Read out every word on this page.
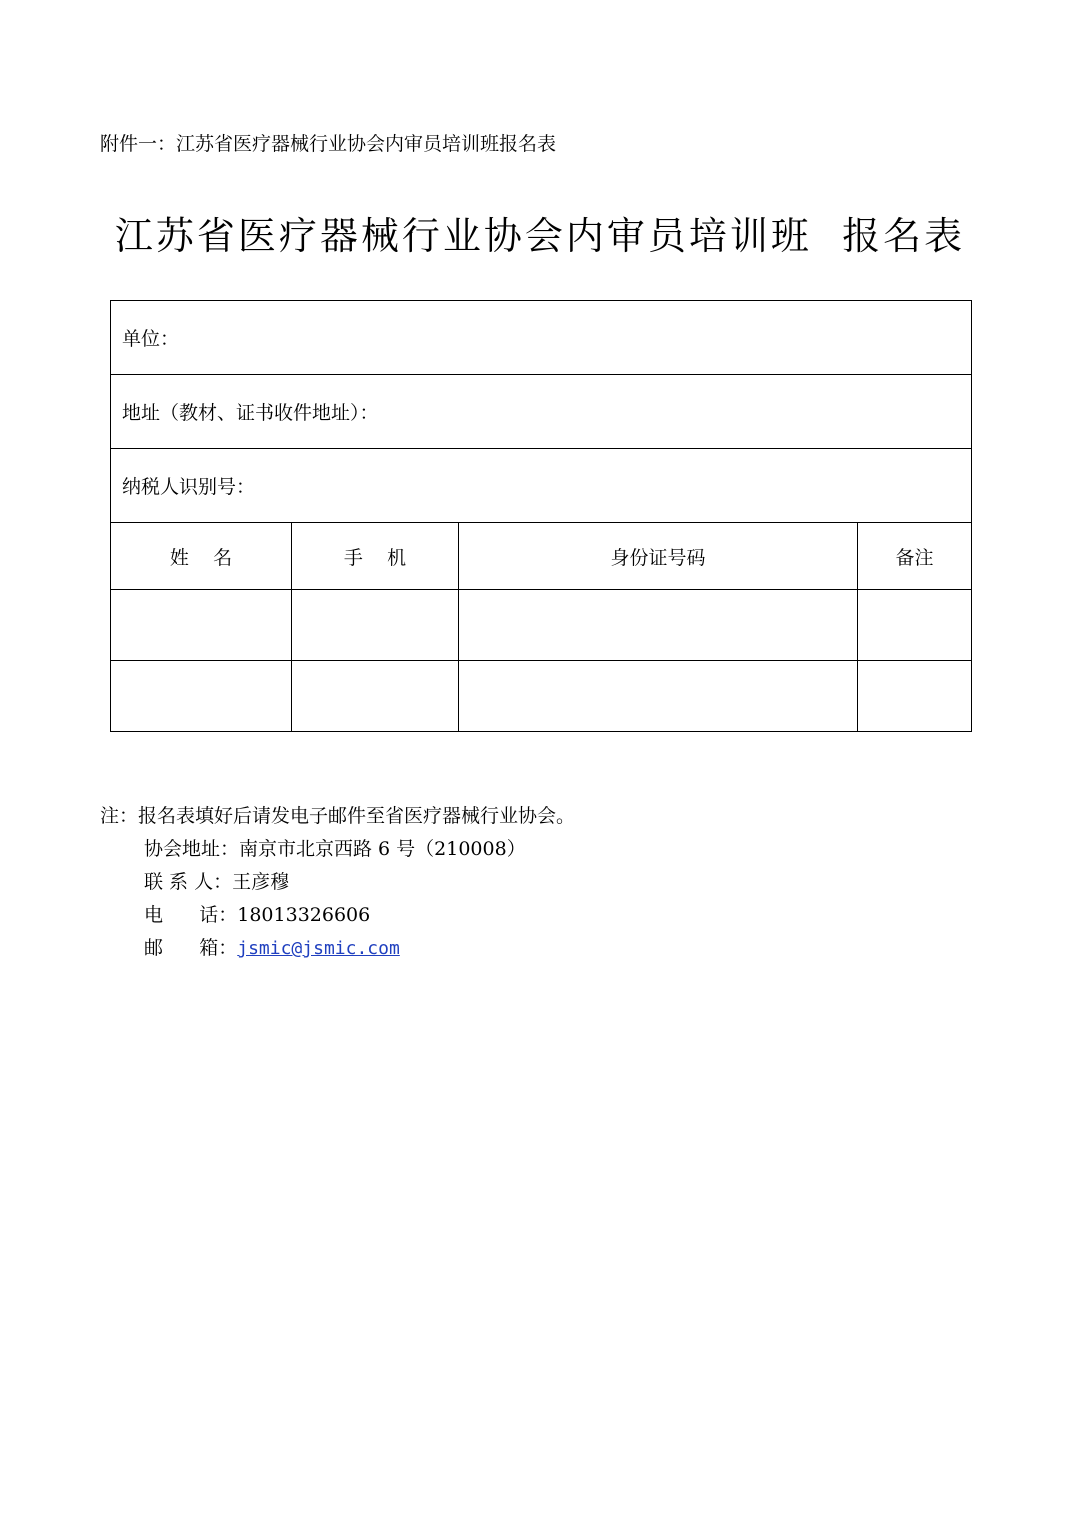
附件一：江苏省医疗器械行业协会内审员培训班报名表
江苏省医疗器械行业协会内审员培训班  报名表
单位：			
地址（教材、证书收件地址）：			
纳税人识别号：			
姓    名	手    机	身份证号码	备注

注：报名表填好后请发电子邮件至省医疗器械行业协会。
协会地址：南京市北京西路 6 号（210008）
联 系 人：王彦穆
电      话：18013326606
邮      箱：jsmic@jsmic.com
